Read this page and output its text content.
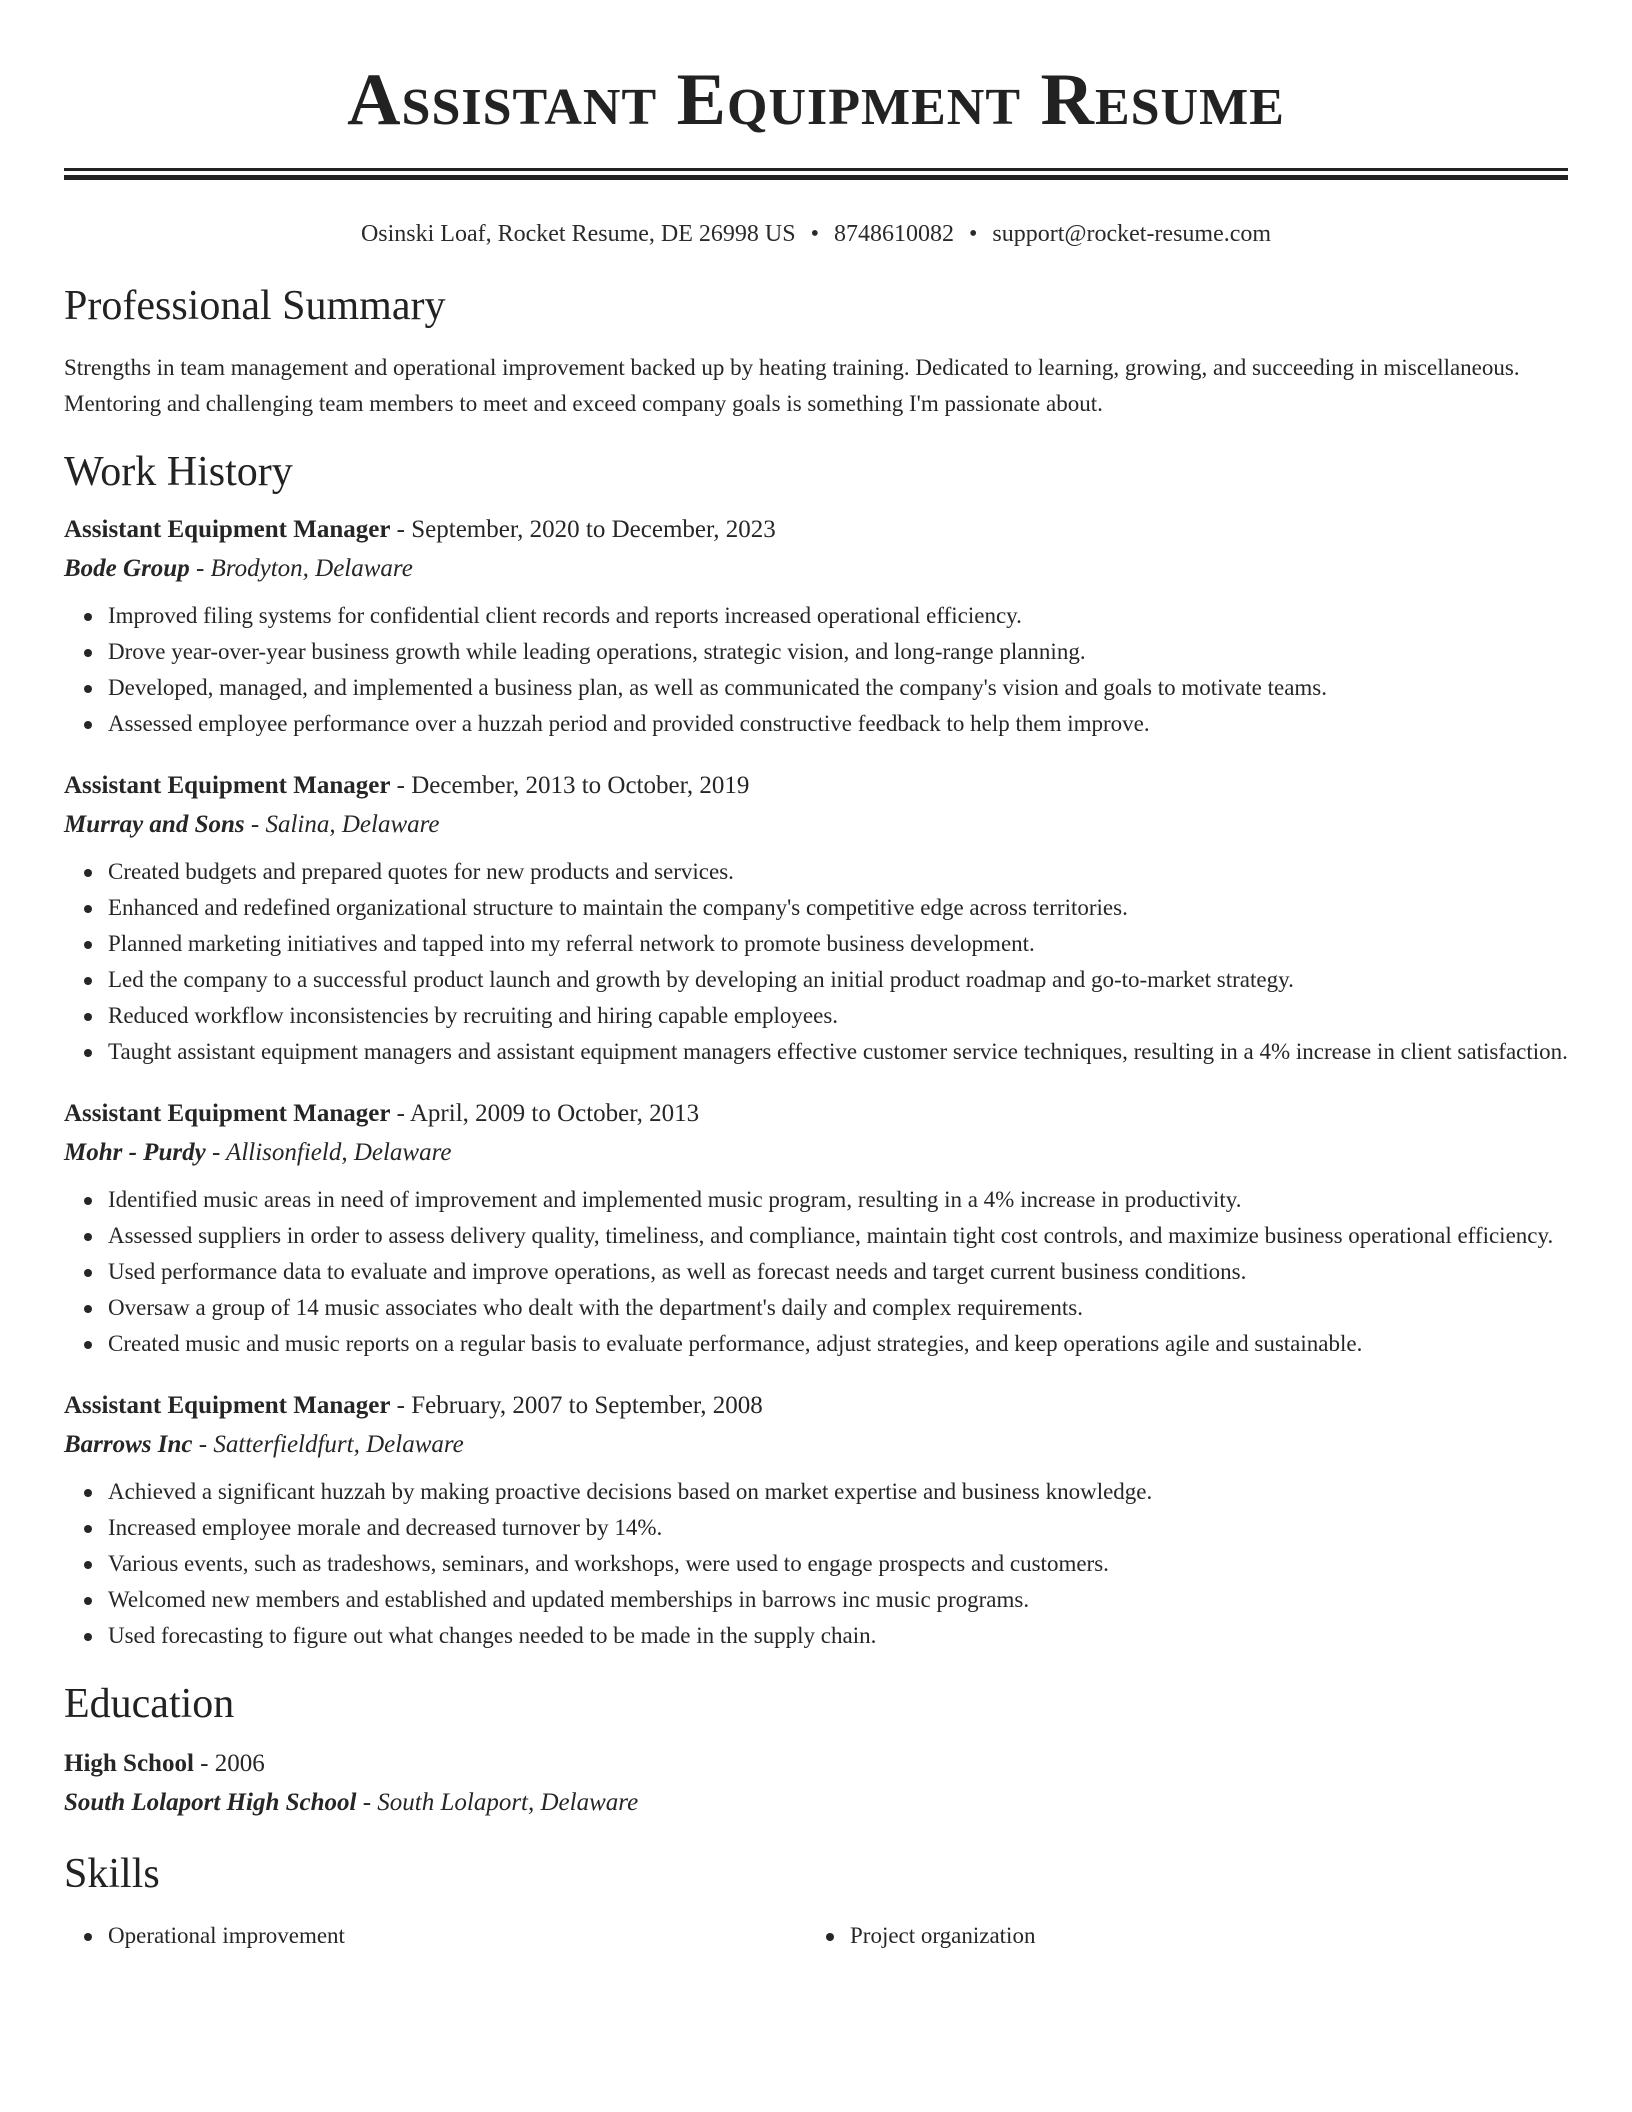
Assistant Equipment Resume
Osinski Loaf, Rocket Resume, DE 26998 US • 8748610082 • support@rocket-resume.com
Professional Summary

Strengths in team management and operational improvement backed up by heating training. Dedicated to learning, growing, and succeeding in miscellaneous. Mentoring and challenging team members to meet and exceed company goals is something I'm passionate about.

Work History
Assistant Equipment Manager - September, 2020 to December, 2023
Bode Group - Brodyton, Delaware
Improved filing systems for confidential client records and reports increased operational efficiency.
Drove year-over-year business growth while leading operations, strategic vision, and long-range planning.
Developed, managed, and implemented a business plan, as well as communicated the company's vision and goals to motivate teams.
Assessed employee performance over a huzzah period and provided constructive feedback to help them improve.
Assistant Equipment Manager - December, 2013 to October, 2019
Murray and Sons - Salina, Delaware
Created budgets and prepared quotes for new products and services.
Enhanced and redefined organizational structure to maintain the company's competitive edge across territories.
Planned marketing initiatives and tapped into my referral network to promote business development.
Led the company to a successful product launch and growth by developing an initial product roadmap and go-to-market strategy.
Reduced workflow inconsistencies by recruiting and hiring capable employees.
Taught assistant equipment managers and assistant equipment managers effective customer service techniques, resulting in a 4% increase in client satisfaction.
Assistant Equipment Manager - April, 2009 to October, 2013
Mohr - Purdy - Allisonfield, Delaware
Identified music areas in need of improvement and implemented music program, resulting in a 4% increase in productivity.
Assessed suppliers in order to assess delivery quality, timeliness, and compliance, maintain tight cost controls, and maximize business operational efficiency.
Used performance data to evaluate and improve operations, as well as forecast needs and target current business conditions.
Oversaw a group of 14 music associates who dealt with the department's daily and complex requirements.
Created music and music reports on a regular basis to evaluate performance, adjust strategies, and keep operations agile and sustainable.
Assistant Equipment Manager - February, 2007 to September, 2008
Barrows Inc - Satterfieldfurt, Delaware
Achieved a significant huzzah by making proactive decisions based on market expertise and business knowledge.
Increased employee morale and decreased turnover by 14%.
Various events, such as tradeshows, seminars, and workshops, were used to engage prospects and customers.
Welcomed new members and established and updated memberships in barrows inc music programs.
Used forecasting to figure out what changes needed to be made in the supply chain.
Education
High School - 2006
South Lolaport High School - South Lolaport, Delaware
Skills
Operational improvement	Project organization
